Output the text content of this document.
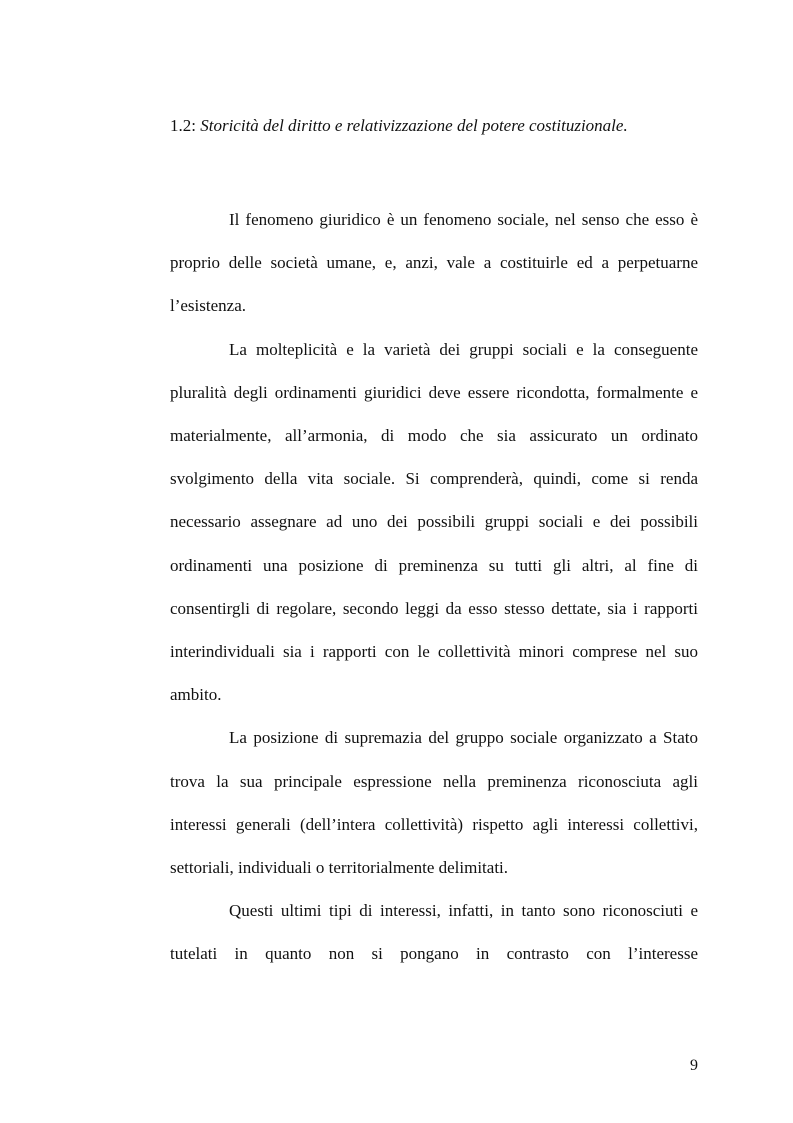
1.2: Storicità del diritto e relativizzazione del potere costituzionale.

Il fenomeno giuridico è un fenomeno sociale, nel senso che esso è proprio delle società umane, e, anzi, vale a costituirle ed a perpetuarne l’esistenza.

La molteplicità e la varietà dei gruppi sociali e la conseguente pluralità degli ordinamenti giuridici deve essere ricondotta, formalmente e materialmente, all’armonia, di modo che sia assicurato un ordinato svolgimento della vita sociale. Si comprenderà, quindi, come si renda necessario assegnare ad uno dei possibili gruppi sociali e dei possibili ordinamenti una posizione di preminenza su tutti gli altri, al fine di consentirgli di regolare, secondo leggi da esso stesso dettate, sia i rapporti interindividuali sia i rapporti con le collettività minori comprese nel suo ambito.

La posizione di supremazia del gruppo sociale organizzato a Stato trova la sua principale espressione nella preminenza riconosciuta agli interessi generali (dell’intera collettività) rispetto agli interessi collettivi, settoriali, individuali o territorialmente delimitati.

Questi ultimi tipi di interessi, infatti, in tanto sono riconosciuti e tutelati in quanto non si pongano in contrasto con l’interesse

9
